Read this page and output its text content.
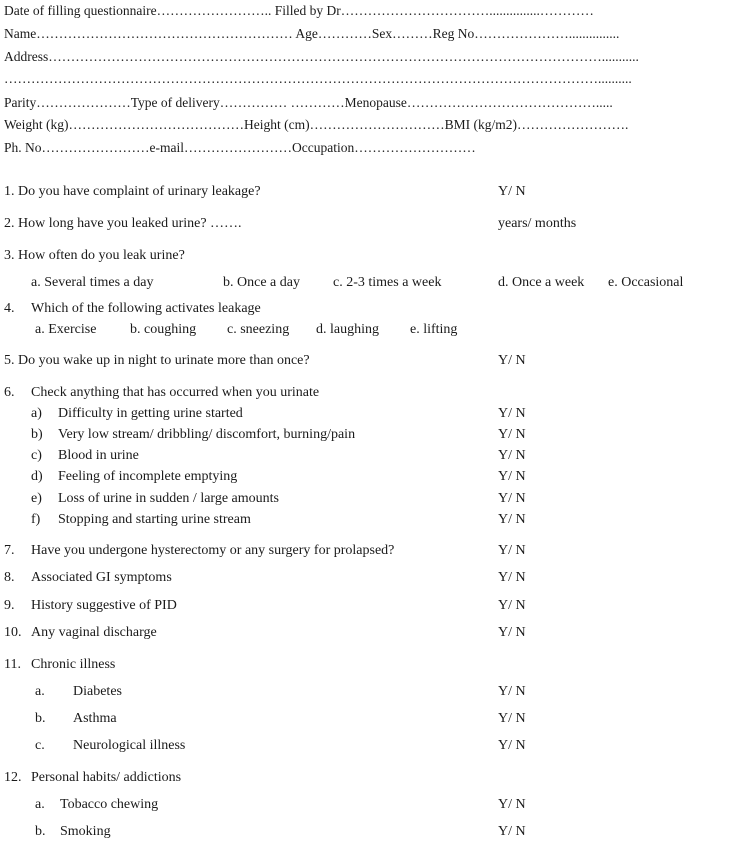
Date of filling questionnaire…………………….. Filled by Dr……………………………...............…………
Name………………………………………………… Age…………Sex………Reg No…………………...............
Address……………………………………………………………………………………………………………...........
……………………………………………………………………………………………………………………..........
Parity…………………Type of delivery…………… …………Menopause…………………………………….....
Weight (kg)…………………………………Height (cm)…………………………BMI (kg/m2)…………………….
Ph. No……………………e-mail……………………Occupation………………………
1. Do you have complaint of urinary leakage?	Y/ N
2. How long have you leaked urine? …….	years/ months
3. How often do you leak urine?
a. Several times a day	b. Once a day c. 2-3 times a week	d. Once a week e. Occasional
4. Which of the following activates leakage
a. Exercise b. coughing c. sneezing d. laughing e. lifting
5. Do you wake up in night to urinate more than once?	Y/ N
6. Check anything that has occurred when you urinate
a) Difficulty in getting urine started	Y/ N
b) Very low stream/ dribbling/ discomfort, burning/pain	Y/ N
c) Blood in urine	Y/ N
d) Feeling of incomplete emptying	Y/ N
e) Loss of urine in sudden / large amounts	Y/ N
f) Stopping and starting urine stream	Y/ N
7. Have you undergone hysterectomy or any surgery for prolapsed?	Y/ N
8. Associated GI symptoms	Y/ N
9. History suggestive of PID	Y/ N
10. Any vaginal discharge	Y/ N
11. Chronic illness
a. Diabetes	Y/ N
b. Asthma	Y/ N
c. Neurological illness	Y/ N
12. Personal habits/ addictions
a. Tobacco chewing	Y/ N
b. Smoking	Y/ N
